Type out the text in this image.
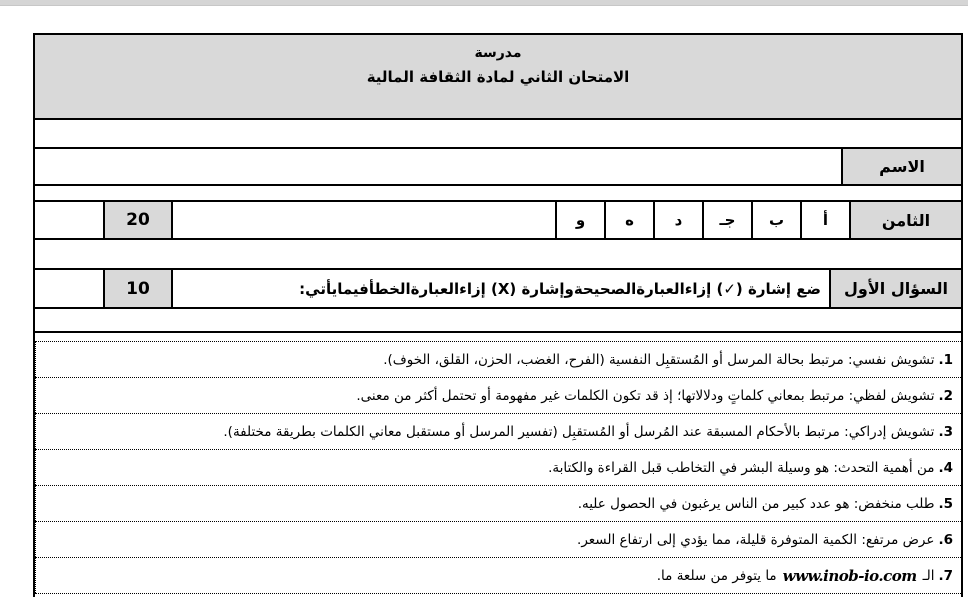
مدرسة
الامتحان الثاني لمادة الثقافة المالية
الاسم
الثامن
أ
ب
جـ
د
ه
و
20
السؤال الأول
ضع إشارة (✓) إزاءالعبارةالصحيحةوإشارة (X) إزاءالعبارةالخطأفيمايأتي:
10
1.
تشويش نفسي: مرتبط بحالة المرسل أو المُستقبِل النفسية (الفرح، الغضب، الحزن، القلق، الخوف).
2.
تشويش لفظي: مرتبط بمعاني كلماتٍ ودلالاتها؛ إذ قد تكون الكلمات غير مفهومة أو تحتمل أكثر من معنى.
3.
تشويش إدراكي: مرتبط بالأحكام المسبقة عند المُرسل أو المُستقبِل (تفسير المرسل أو مستقبل معاني الكلمات بطريقة مختلفة).
4.
من أهمية التحدث: هو وسيلة البشر في التخاطب قبل القراءة والكتابة.
5.
طلب منخفض: هو عدد كبير من الناس يرغبون في الحصول عليه.
6.
عرض مرتفع: الكمية المتوفرة قليلة، مما يؤدي إلى ارتفاع السعر.
7.
الـ
www.inob-io.com
ما يتوفر من سلعة ما.
